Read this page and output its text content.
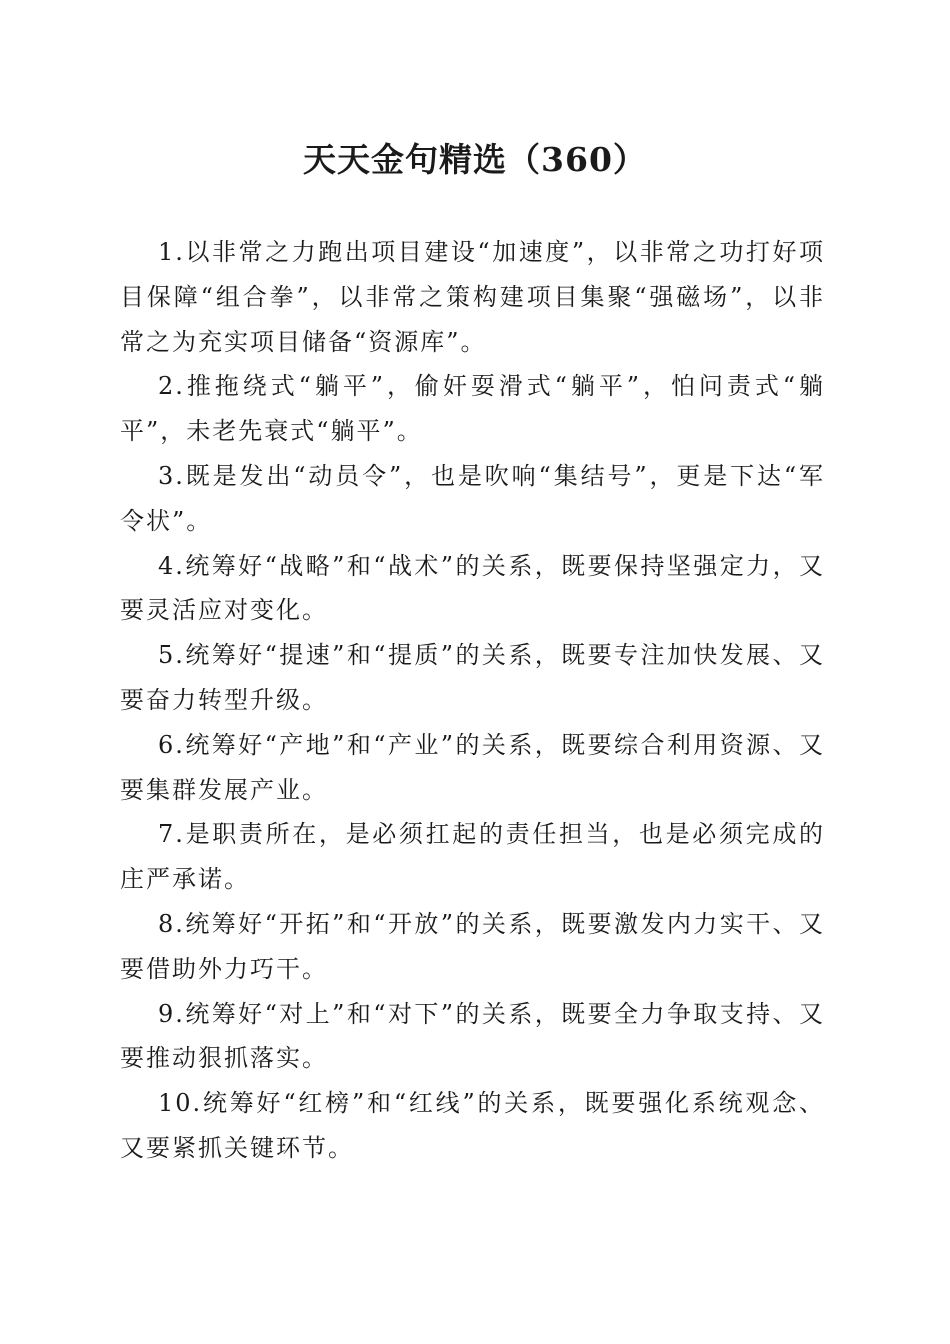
天天金句精选（360）

1.以非常之力跑出项目建设“加速度”，以非常之功打好项目保障“组合拳”，以非常之策构建项目集聚“强磁场”，以非常之为充实项目储备“资源库”。

2.推拖绕式“躺平”，偷奸耍滑式“躺平”，怕问责式“躺平”，未老先衰式“躺平”。

3.既是发出“动员令”，也是吹响“集结号”，更是下达“军令状”。

4.统筹好“战略”和“战术”的关系，既要保持坚强定力，又要灵活应对变化。

5.统筹好“提速”和“提质”的关系，既要专注加快发展、又要奋力转型升级。

6.统筹好“产地”和“产业”的关系，既要综合利用资源、又要集群发展产业。

7.是职责所在，是必须扛起的责任担当，也是必须完成的庄严承诺。

8.统筹好“开拓”和“开放”的关系，既要激发内力实干、又要借助外力巧干。

9.统筹好“对上”和“对下”的关系，既要全力争取支持、又要推动狠抓落实。

10.统筹好“红榜”和“红线”的关系，既要强化系统观念、又要紧抓关键环节。
